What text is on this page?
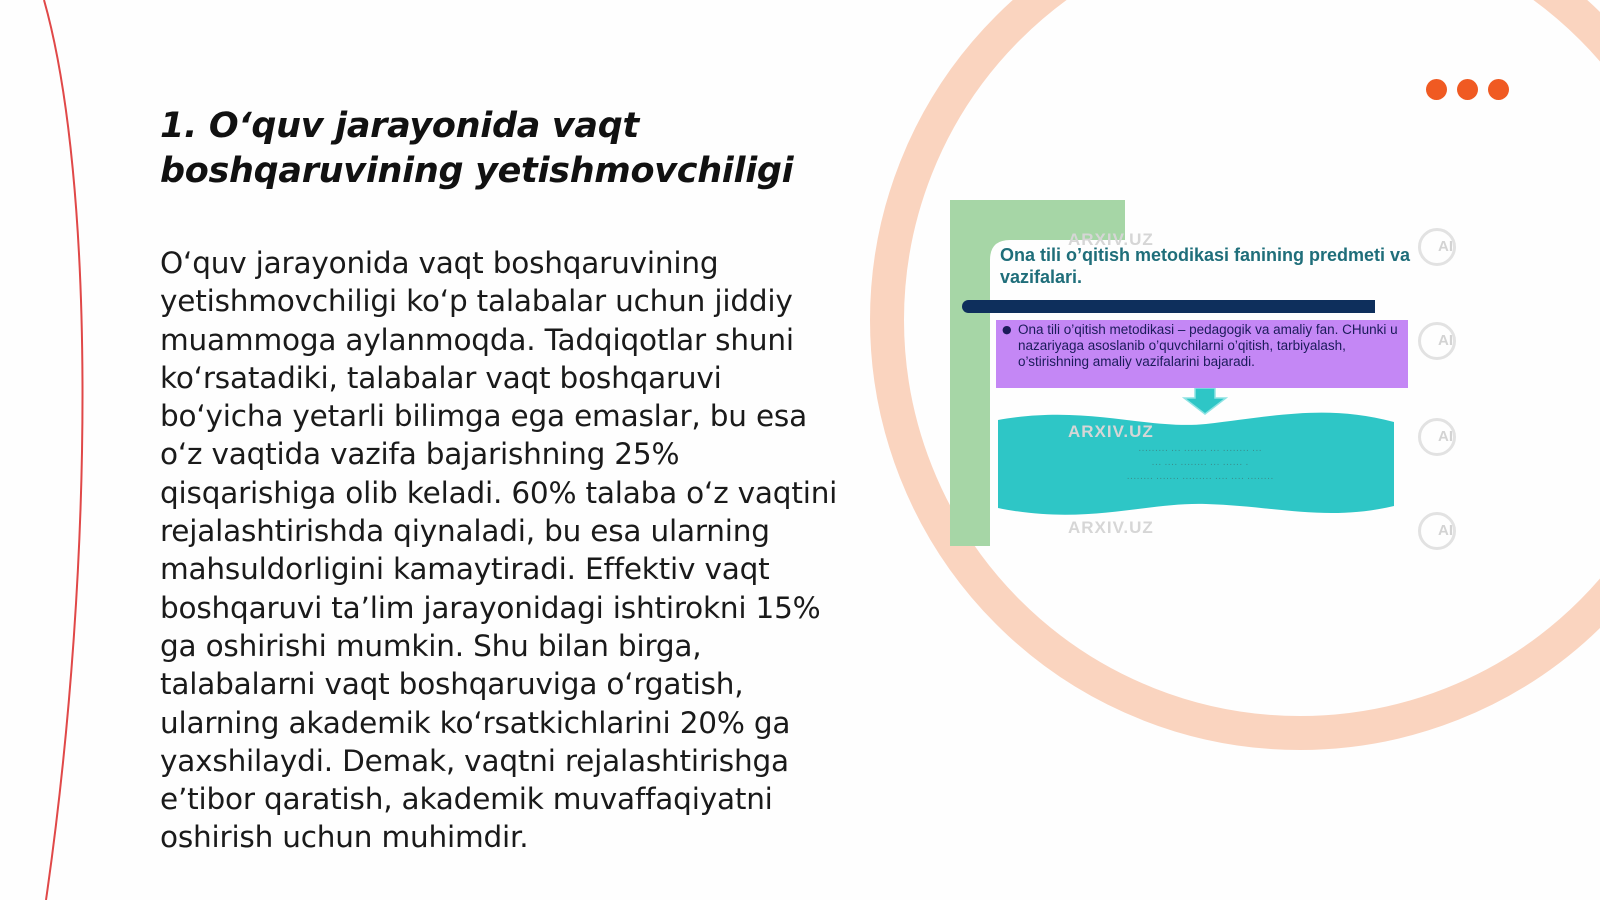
1. O‘quv jarayonida vaqt boshqaruvining yetishmovchiligi

O‘quv jarayonida vaqt boshqaruvining yetishmovchiligi ko‘p talabalar uchun jiddiy muammoga aylanmoqda. Tadqiqotlar shuni ko‘rsatadiki, talabalar vaqt boshqaruvi bo‘yicha yetarli bilimga ega emaslar, bu esa o‘z vaqtida vazifa bajarishning 25% qisqarishiga olib keladi. 60% talaba o‘z vaqtini rejalashtirishda qiynaladi, bu esa ularning mahsuldorligini kamaytiradi. Effektiv vaqt boshqaruvi ta’lim jarayonidagi ishtirokni 15% ga oshirishi mumkin. Shu bilan birga, talabalarni vaqt boshqaruviga o‘rgatish, ularning akademik ko‘rsatkichlarini 20% ga yaxshilaydi. Demak, vaqtni rejalashtirishga e’tibor qaratish, akademik muvaffaqiyatni oshirish uchun muhimdir.

Ona tili o’qitish metodikasi fanining predmeti va vazifalari.
● Ona tili o’qitish metodikasi – pedagogik va amaliy fan. CHunki u nazariyaga asoslanib o’quvchilarni o’qitish, tarbiyalash, o’stirishning amaliy vazifalarini bajaradi.

········· ··· ······· ··· ········ ···
··· ···· ········ ··· ······ ·
········ ······· ········· ···· ···· ········
ARXIV.UZ
ARXIV.UZ
ARXIV.UZ
AI
AI
AI
AI
